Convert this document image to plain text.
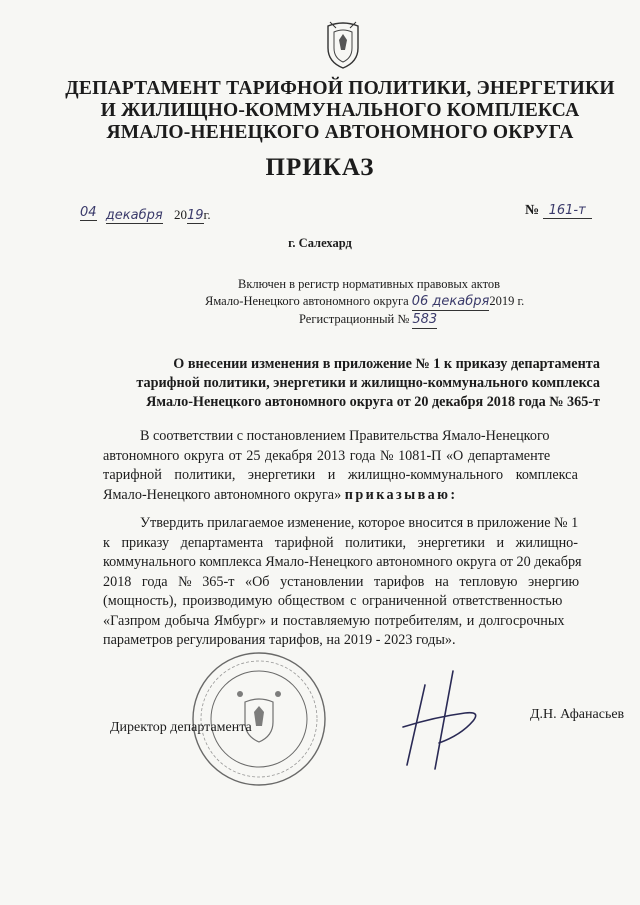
ДЕПАРТАМЕНТ ТАРИФНОЙ ПОЛИТИКИ, ЭНЕРГЕТИКИ
И ЖИЛИЩНО-КОММУНАЛЬНОГО КОМПЛЕКСА
ЯМАЛО-НЕНЕЦКОГО АВТОНОМНОГО ОКРУГА
ПРИКАЗ
04 декабря 2019г.	№ 161-т
г. Салехард
Включен в регистр нормативных правовых актов
Ямало-Ненецкого автономного округа 06 декабря2019 г.
Регистрационный № 583
О внесении изменения в приложение № 1 к приказу департамента
тарифной политики, энергетики и жилищно-коммунального комплекса
Ямало-Ненецкого автономного округа от 20 декабря 2018 года № 365-т
В соответствии с постановлением Правительства Ямало-Ненецкого
автономного округа от 25 декабря 2013 года № 1081-П «О департаменте
тарифной политики, энергетики и жилищно-коммунального комплекса
Ямало-Ненецкого автономного округа» приказываю:
Утвердить прилагаемое изменение, которое вносится в приложение № 1
к приказу департамента тарифной политики, энергетики и жилищно-
коммунального комплекса Ямало-Ненецкого автономного округа от 20 декабря
2018 года № 365-т «Об установлении тарифов на тепловую энергию
(мощность), производимую обществом с ограниченной ответственностью
«Газпром добыча Ямбург» и поставляемую потребителям, и долгосрочных
параметров регулирования тарифов, на 2019 - 2023 годы».
Директор департамента
Д.Н. Афанасьев
